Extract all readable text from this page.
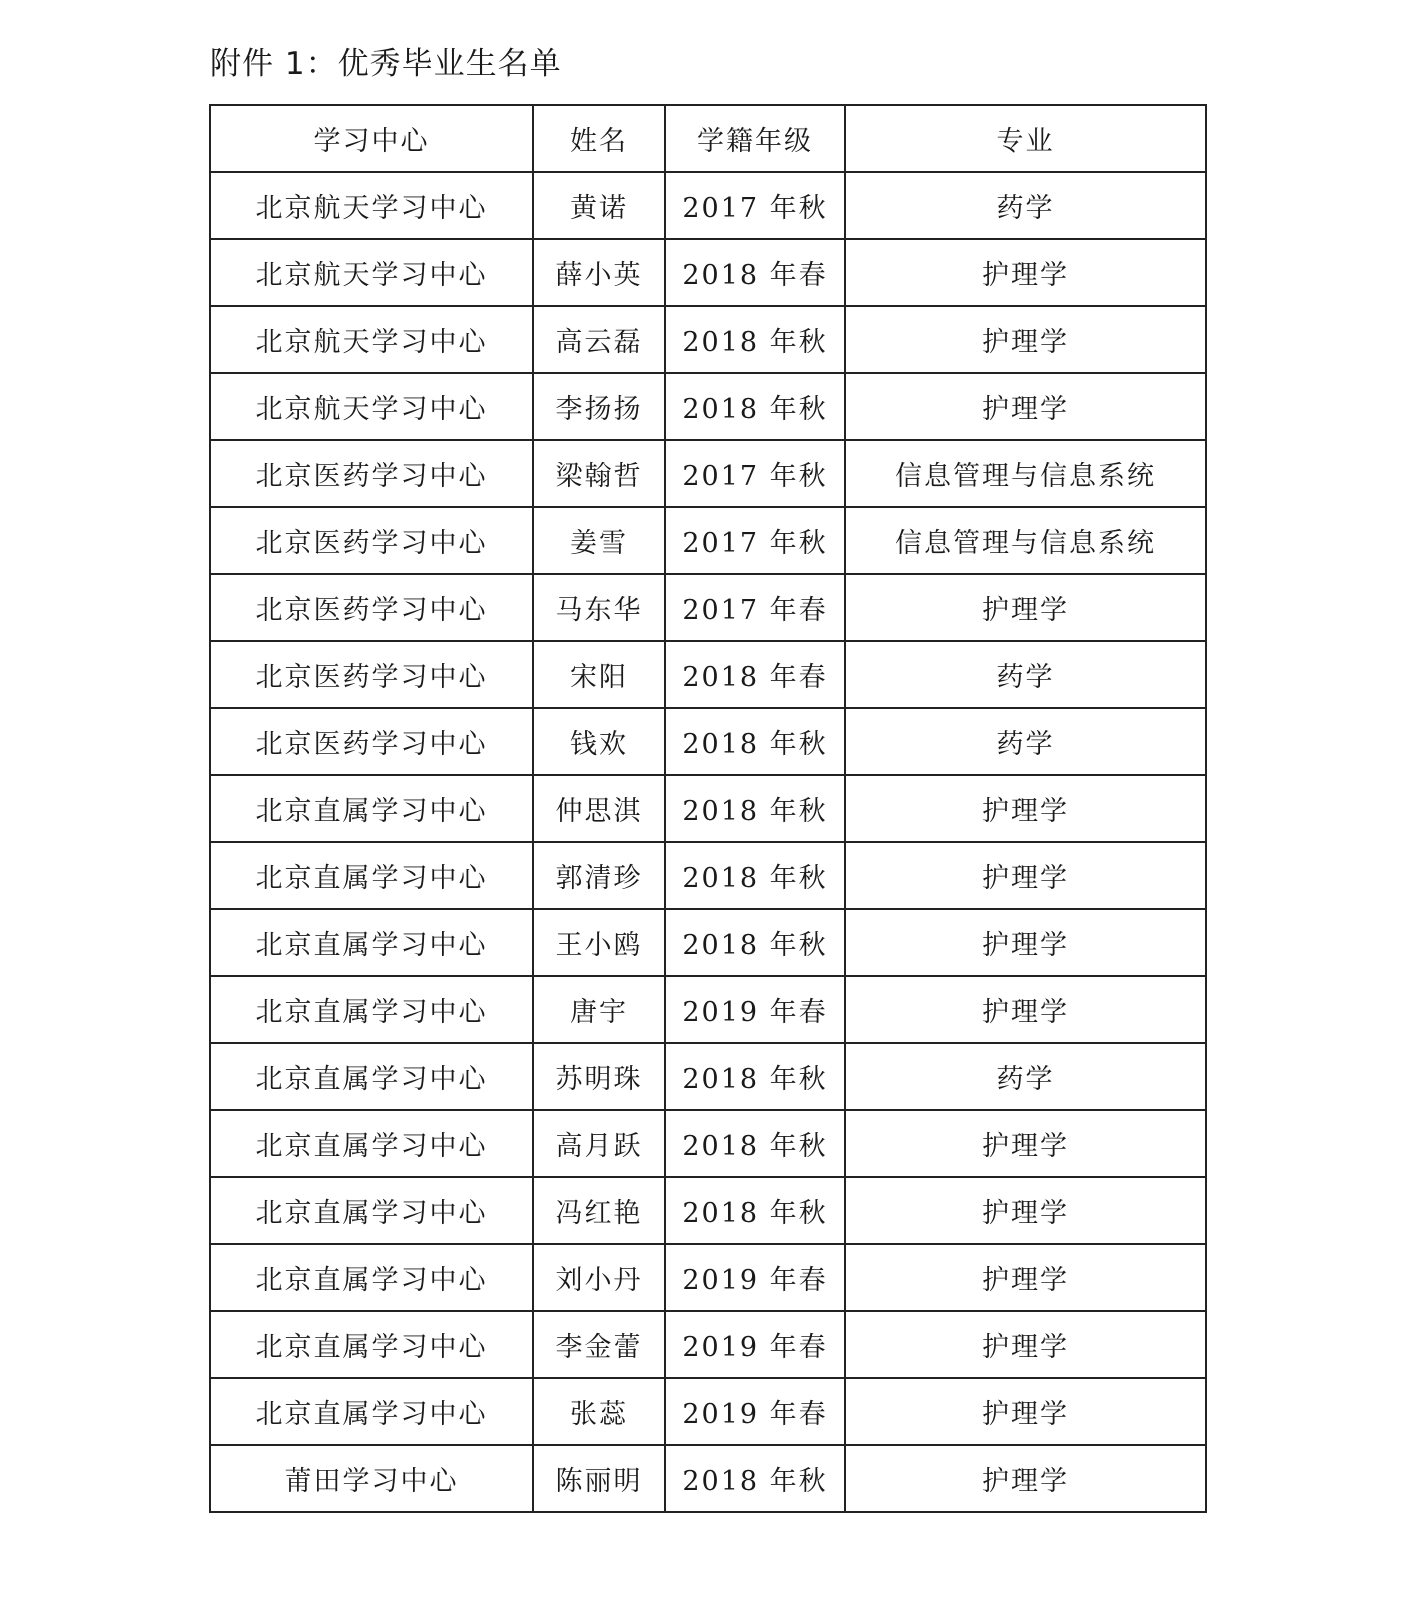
附件 1：优秀毕业生名单
学习中心	姓名	学籍年级	专业
北京航天学习中心	黄诺	2017 年秋	药学
北京航天学习中心	薛小英	2018 年春	护理学
北京航天学习中心	高云磊	2018 年秋	护理学
北京航天学习中心	李扬扬	2018 年秋	护理学
北京医药学习中心	梁翰哲	2017 年秋	信息管理与信息系统
北京医药学习中心	姜雪	2017 年秋	信息管理与信息系统
北京医药学习中心	马东华	2017 年春	护理学
北京医药学习中心	宋阳	2018 年春	药学
北京医药学习中心	钱欢	2018 年秋	药学
北京直属学习中心	仲思淇	2018 年秋	护理学
北京直属学习中心	郭清珍	2018 年秋	护理学
北京直属学习中心	王小鸥	2018 年秋	护理学
北京直属学习中心	唐宇	2019 年春	护理学
北京直属学习中心	苏明珠	2018 年秋	药学
北京直属学习中心	高月跃	2018 年秋	护理学
北京直属学习中心	冯红艳	2018 年秋	护理学
北京直属学习中心	刘小丹	2019 年春	护理学
北京直属学习中心	李金蕾	2019 年春	护理学
北京直属学习中心	张蕊	2019 年春	护理学
莆田学习中心	陈丽明	2018 年秋	护理学
